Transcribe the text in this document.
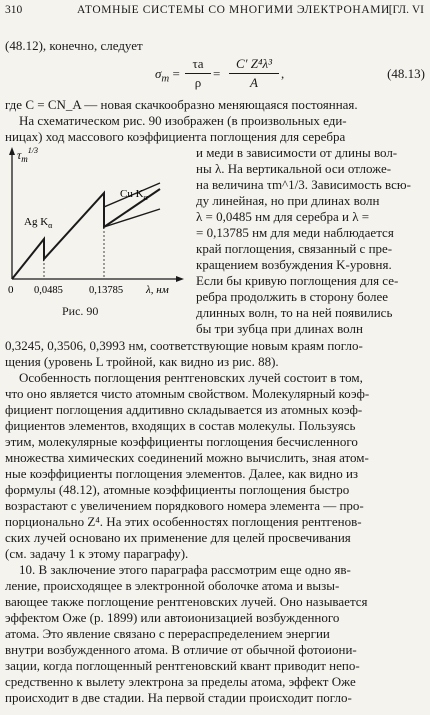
310	АТОМНЫЕ СИСТЕМЫ СО МНОГИМИ ЭЛЕКТРОНАМИ
[ГЛ. VI
(48.12), конечно, следует
$\sigma_m = \frac{\tau a}{\rho} = \frac{\text{C′ Z⁴λ³}}{A}$ ,	(48.13)
где C = CN_A — новая скачкообразно меняющаяся постоянная.
На схематическом рис. 90 изображен (в произвольных еди-
ницах) ход массового коэффициента поглощения для серебра
и меди в зависимости от длины вол-
ны λ. На вертикальной оси отложе-
на величина τm^1/3. Зависимость всю-
ду линейная, но при длинах волн
λ = 0,0485 нм для серебра и λ =
= 0,13785 нм для меди наблюдается
край поглощения, связанный с пре-
кращением возбуждения K-уровня.
Если бы кривую поглощения для се-
ребра продолжить в сторону более
длинных волн, то на ней появились
бы три зубца при длинах волн
$\tau_m^{1/3}$
Ag $K_\alpha$
Cu $K_\alpha$
0 0,0485 0,13785 λ, нм
Рис. 90
0,3245, 0,3506, 0,3993 нм, соответствующие новым краям погло-
щения (уровень L тройной, как видно из рис. 88).
Особенность поглощения рентгеновских лучей состоит в том,
что оно является чисто атомным свойством. Молекулярный коэф-
фициент поглощения аддитивно складывается из атомных коэф-
фициентов элементов, входящих в состав молекулы. Пользуясь
этим, молекулярные коэффициенты поглощения бесчисленного
множества химических соединений можно вычислить, зная атом-
ные коэффициенты поглощения элементов. Далее, как видно из
формулы (48.12), атомные коэффициенты поглощения быстро
возрастают с увеличением порядкового номера элемента — про-
порционально Z⁴. На этих особенностях поглощения рентгенов-
ских лучей основано их применение для целей просвечивания
(см. задачу 1 к этому параграфу).
10. В заключение этого параграфа рассмотрим еще одно яв-
ление, происходящее в электронной оболочке атома и вызы-
вающее также поглощение рентгеновских лучей. Оно называется
эффектом Оже (р. 1899) или автоионизацией возбужденного
атома. Это явление связано с перераспределением энергии
внутри возбужденного атома. В отличие от обычной фотоиони-
зации, когда поглощенный рентгеновский квант приводит непо-
средственно к вылету электрона за пределы атома, эффект Оже
происходит в две стадии. На первой стадии происходит погло-
